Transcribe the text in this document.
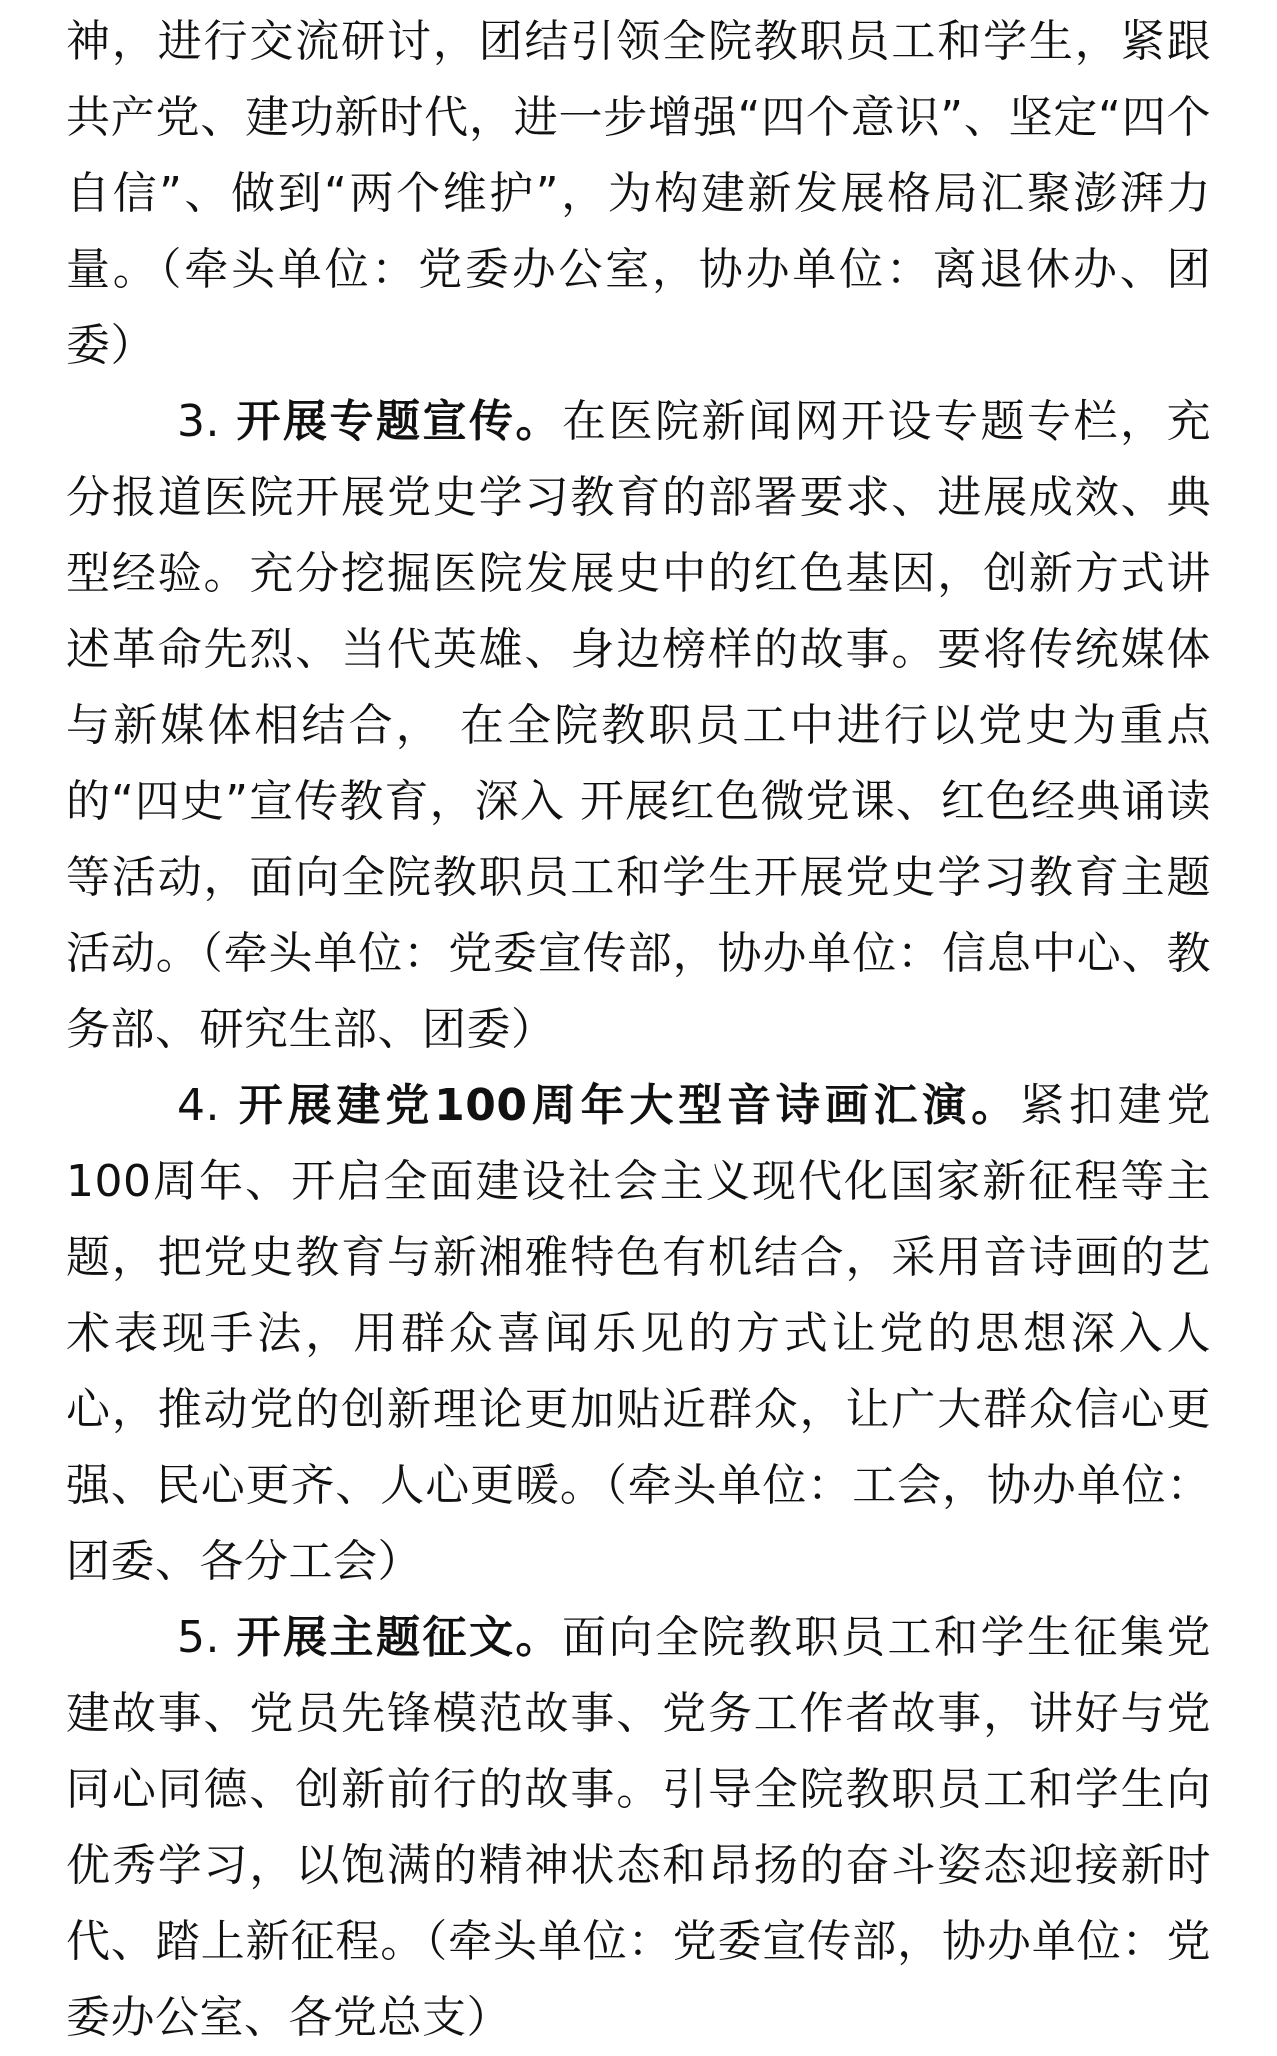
神，进行交流研讨，团结引领全院教职员工和学生，紧跟共产党、建功新时代，进一步增强“四个意识”、坚定“四个自信”、做到“两个维护”，为构建新发展格局汇聚澎湃力量。（牵头单位：党委办公室，协办单位：离退休办、团委）

3. 开展专题宣传。在医院新闻网开设专题专栏，充分报道医院开展党史学习教育的部署要求、进展成效、典型经验。充分挖掘医院发展史中的红色基因，创新方式讲述革命先烈、当代英雄、身边榜样的故事。要将传统媒体与新媒体相结合， 在全院教职员工中进行以党史为重点的“四史”宣传教育，深入 开展红色微党课、红色经典诵读等活动，面向全院教职员工和学生开展党史学习教育主题活动。（牵头单位：党委宣传部，协办单位：信息中心、教务部、研究生部、团委）

4. 开展建党100周年大型音诗画汇演。紧扣建党100周年、开启全面建设社会主义现代化国家新征程等主题，把党史教育与新湘雅特色有机结合，采用音诗画的艺术表现手法，用群众喜闻乐见的方式让党的思想深入人心，推动党的创新理论更加贴近群众，让广大群众信心更强、民心更齐、人心更暖。（牵头单位：工会，协办单位：团委、各分工会）

5. 开展主题征文。面向全院教职员工和学生征集党建故事、党员先锋模范故事、党务工作者故事，讲好与党同心同德、创新前行的故事。引导全院教职员工和学生向优秀学习，以饱满的精神状态和昂扬的奋斗姿态迎接新时代、踏上新征程。（牵头单位：党委宣传部，协办单位：党委办公室、各党总支）
